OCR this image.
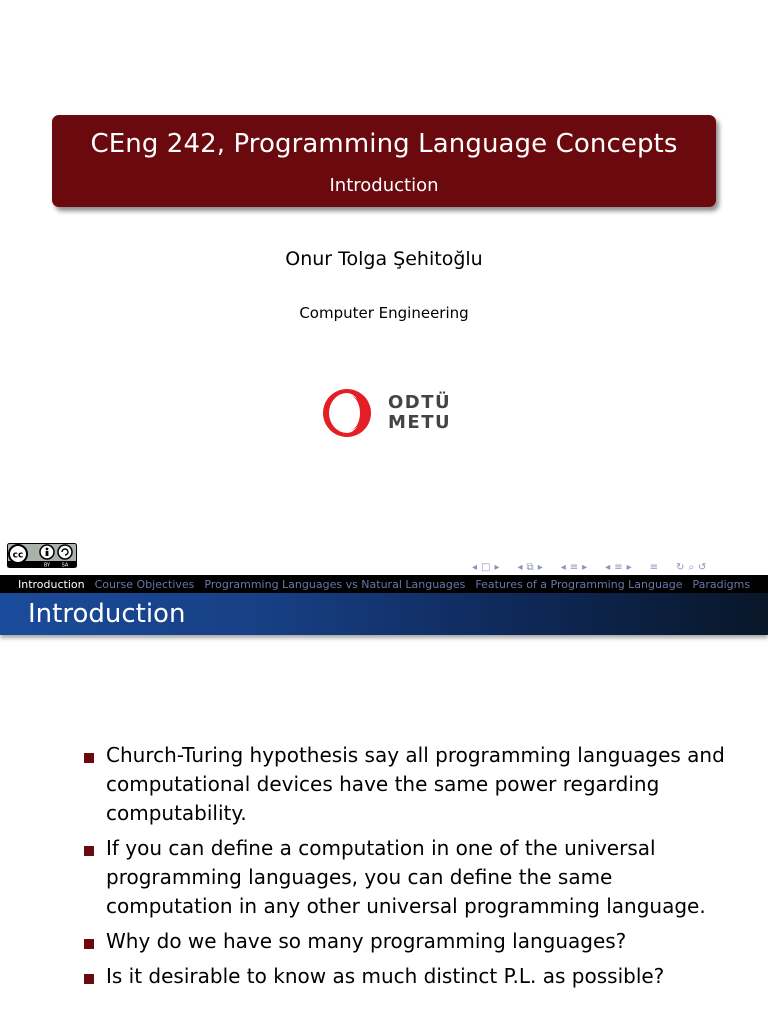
CEng 242, Programming Language Concepts
Introduction
Onur Tolga Şehitoğlu
Computer Engineering
ODTÜ
METU
cc
BY SA	◂ □ ▸ ◂ ⧉ ▸ ◂ ≡ ▸ ◂ ≡ ▸ ≡ ↻ ⌕ ↺
Introduction Course Objectives Programming Languages vs Natural Languages Features of a Programming Language Paradigms
Introduction
Church-Turing hypothesis say all programming languages and computational devices have the same power regarding computability.
If you can define a computation in one of the universal programming languages, you can define the same computation in any other universal programming language.
Why do we have so many programming languages?
Is it desirable to know as much distinct P.L. as possible?
